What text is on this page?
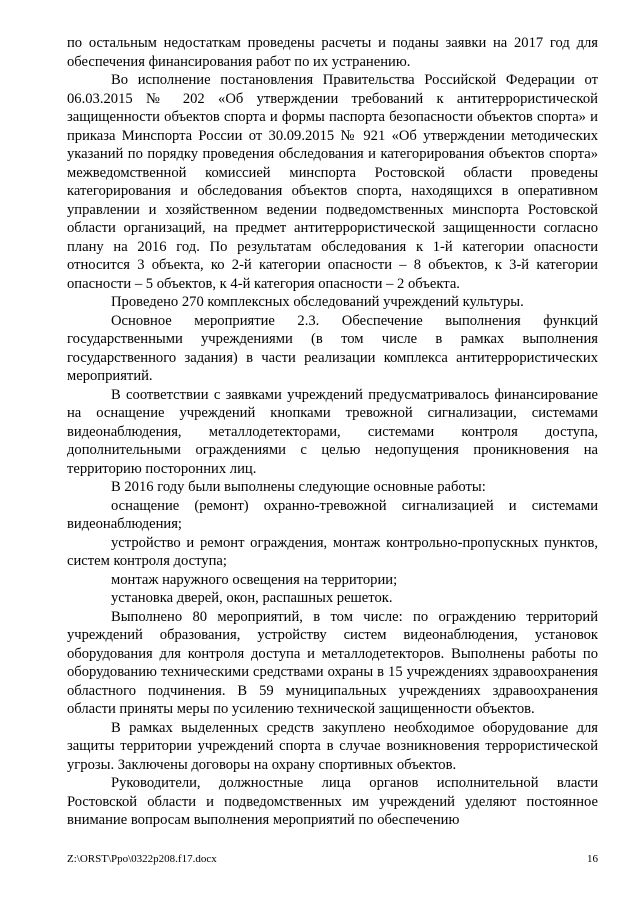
по остальным недостаткам проведены расчеты и поданы заявки на 2017 год для обеспечения финансирования работ по их устранению.

Во исполнение постановления Правительства Российской Федерации от 06.03.2015 № 202 «Об утверждении требований к антитеррористической защищенности объектов спорта и формы паспорта безопасности объектов спорта» и приказа Минспорта России от 30.09.2015 № 921 «Об утверждении методических указаний по порядку проведения обследования и категорирования объектов спорта» межведомственной комиссией минспорта Ростовской области проведены категорирования и обследования объектов спорта, находящихся в оперативном управлении и хозяйственном ведении подведомственных минспорта Ростовской области организаций, на предмет антитеррористической защищенности согласно плану на 2016 год. По результатам обследования к 1-й категории опасности относится 3 объекта, ко 2-й категории опасности – 8 объектов, к 3-й категории опасности – 5 объектов, к 4-й категория опасности – 2 объекта.

Проведено 270 комплексных обследований учреждений культуры.

Основное мероприятие 2.3. Обеспечение выполнения функций государственными учреждениями (в том числе в рамках выполнения государственного задания) в части реализации комплекса антитеррористических мероприятий.

В соответствии с заявками учреждений предусматривалось финансирование на оснащение учреждений кнопками тревожной сигнализации, системами видеонаблюдения, металлодетекторами, системами контроля доступа, дополнительными ограждениями с целью недопущения проникновения на территорию посторонних лиц.

В 2016 году были выполнены следующие основные работы:

оснащение (ремонт) охранно-тревожной сигнализацией и системами видеонаблюдения;

устройство и ремонт ограждения, монтаж контрольно-пропускных пунктов, систем контроля доступа;

монтаж наружного освещения на территории;

установка дверей, окон, распашных решеток.

Выполнено 80 мероприятий, в том числе: по ограждению территорий учреждений образования, устройству систем видеонаблюдения, установок оборудования для контроля доступа и металлодетекторов. Выполнены работы по оборудованию техническими средствами охраны в 15 учреждениях здравоохранения областного подчинения. В 59 муниципальных учреждениях здравоохранения области приняты меры по усилению технической защищенности объектов.

В рамках выделенных средств закуплено необходимое оборудование для защиты территории учреждений спорта в случае возникновения террористической угрозы. Заключены договоры на охрану спортивных объектов.

Руководители, должностные лица органов исполнительной власти Ростовской области и подведомственных им учреждений уделяют постоянное внимание вопросам выполнения мероприятий по обеспечению

Z:\ORST\Ppo\0322p208.f17.docx	16
